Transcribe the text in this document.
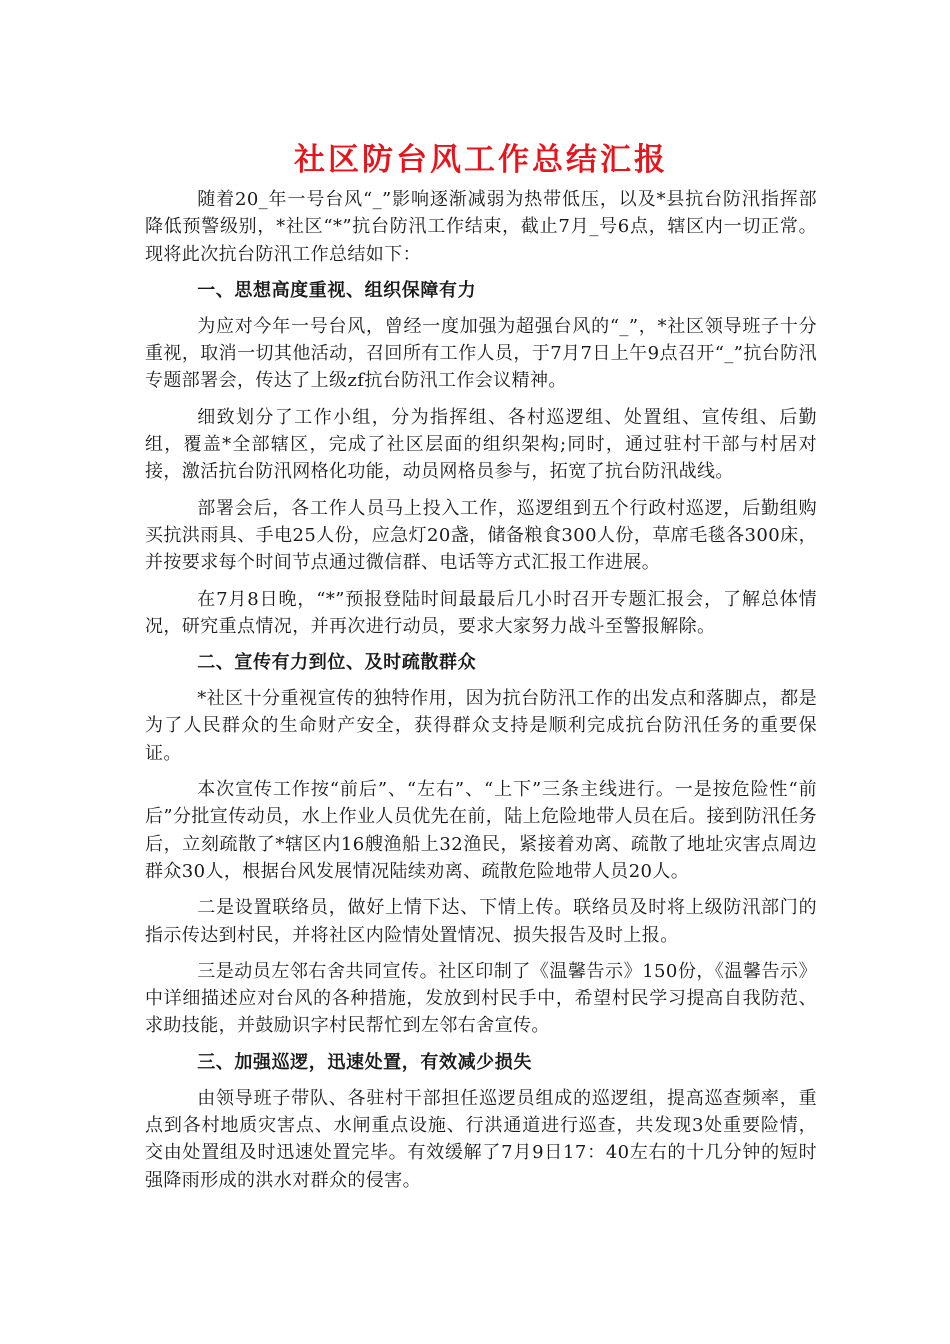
社区防台风工作总结汇报

随着20_年一号台风“_”影响逐渐减弱为热带低压，以及*县抗台防汛指挥部降低预警级别，*社区“*”抗台防汛工作结束，截止7月_号6点，辖区内一切正常。现将此次抗台防汛工作总结如下：

一、思想高度重视、组织保障有力

为应对今年一号台风，曾经一度加强为超强台风的“_”，*社区领导班子十分重视，取消一切其他活动，召回所有工作人员，于7月7日上午9点召开“_”抗台防汛专题部署会，传达了上级zf抗台防汛工作会议精神。

细致划分了工作小组，分为指挥组、各村巡逻组、处置组、宣传组、后勤组，覆盖*全部辖区，完成了社区层面的组织架构;同时，通过驻村干部与村居对接，激活抗台防汛网格化功能，动员网格员参与，拓宽了抗台防汛战线。

部署会后，各工作人员马上投入工作，巡逻组到五个行政村巡逻，后勤组购买抗洪雨具、手电25人份，应急灯20盏，储备粮食300人份，草席毛毯各300床，并按要求每个时间节点通过微信群、电话等方式汇报工作进展。

在7月8日晚，“*”预报登陆时间最最后几小时召开专题汇报会，了解总体情况，研究重点情况，并再次进行动员，要求大家努力战斗至警报解除。

二、宣传有力到位、及时疏散群众

*社区十分重视宣传的独特作用，因为抗台防汛工作的出发点和落脚点，都是为了人民群众的生命财产安全，获得群众支持是顺利完成抗台防汛任务的重要保证。

本次宣传工作按“前后”、“左右”、“上下”三条主线进行。一是按危险性“前后”分批宣传动员，水上作业人员优先在前，陆上危险地带人员在后。接到防汛任务后，立刻疏散了*辖区内16艘渔船上32渔民，紧接着劝离、疏散了地址灾害点周边群众30人，根据台风发展情况陆续劝离、疏散危险地带人员20人。

二是设置联络员，做好上情下达、下情上传。联络员及时将上级防汛部门的指示传达到村民，并将社区内险情处置情况、损失报告及时上报。

三是动员左邻右舍共同宣传。社区印制了《温馨告示》150份，《温馨告示》中详细描述应对台风的各种措施，发放到村民手中，希望村民学习提高自我防范、求助技能，并鼓励识字村民帮忙到左邻右舍宣传。

三、加强巡逻，迅速处置，有效减少损失

由领导班子带队、各驻村干部担任巡逻员组成的巡逻组，提高巡查频率，重点到各村地质灾害点、水闸重点设施、行洪通道进行巡查，共发现3处重要险情，交由处置组及时迅速处置完毕。有效缓解了7月9日17：40左右的十几分钟的短时强降雨形成的洪水对群众的侵害。
